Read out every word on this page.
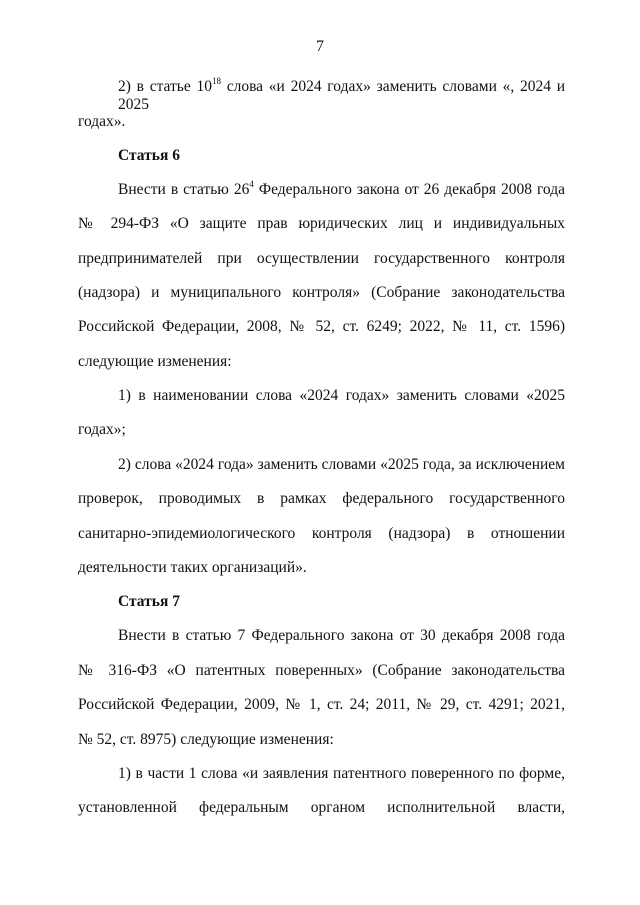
7
2) в статье $10^{18}$ слова «и 2024 годах» заменить словами «, 2024 и 2025
годах».
Статья 6
Внести в статью $26^4$ Федерального закона от 26 декабря 2008 года
№ 294-ФЗ «О защите прав юридических лиц и индивидуальных
предпринимателей при осуществлении государственного контроля
(надзора) и муниципального контроля» (Собрание законодательства
Российской Федерации, 2008, № 52, ст. 6249; 2022, № 11, ст. 1596)
следующие изменения:
1) в наименовании слова «2024 годах» заменить словами «2025
годах»;
2) слова «2024 года» заменить словами «2025 года, за исключением
проверок, проводимых в рамках федерального государственного
санитарно-эпидемиологического контроля (надзора) в отношении
деятельности таких организаций».
Статья 7
Внести в статью 7 Федерального закона от 30 декабря 2008 года
№ 316-ФЗ «О патентных поверенных» (Собрание законодательства
Российской Федерации, 2009, № 1, ст. 24; 2011, № 29, ст. 4291; 2021,
№ 52, ст. 8975) следующие изменения:
1) в части 1 слова «и заявления патентного поверенного по форме,
установленной федеральным органом исполнительной власти,
